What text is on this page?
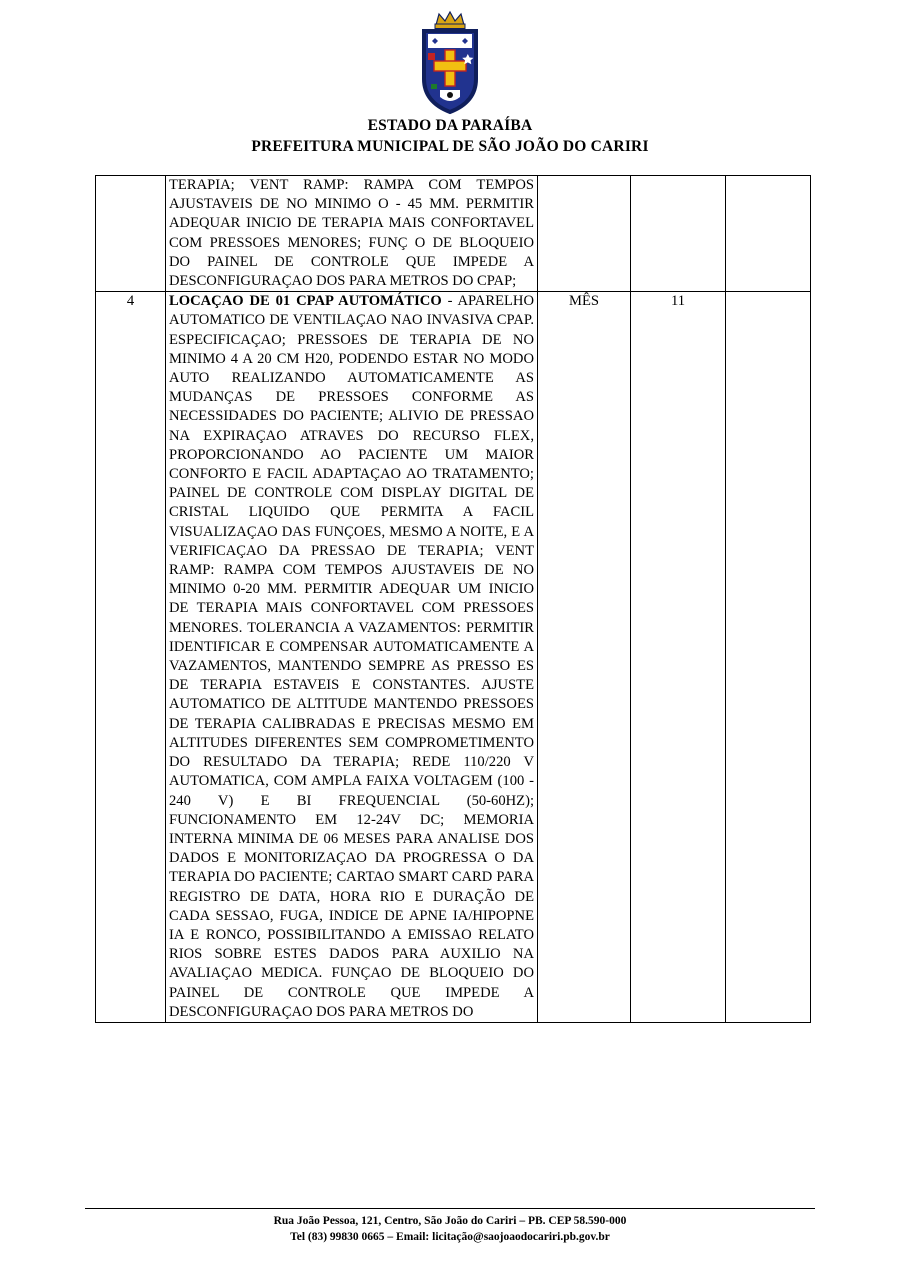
ESTADO DA PARAÍBA
PREFEITURA MUNICIPAL DE SÃO JOÃO DO CARIRI
	TERAPIA; VENT RAMP: RAMPA COM TEMPOS AJUSTAVEIS DE NO MINIMO O - 45 MM. PERMITIR ADEQUAR INICIO DE TERAPIA MAIS CONFORTAVEL COM PRESSOES MENORES; FUNÇ O DE BLOQUEIO DO PAINEL DE CONTROLE QUE IMPEDE A DESCONFIGURAÇAO DOS PARA METROS DO CPAP;			
4	LOCAÇAO DE 01 CPAP AUTOMÁTICO - APARELHO AUTOMATICO DE VENTILAÇAO NAO INVASIVA CPAP. ESPECIFICAÇAO; PRESSOES DE TERAPIA DE NO MINIMO 4 A 20 CM H20, PODENDO ESTAR NO MODO AUTO REALIZANDO AUTOMATICAMENTE AS MUDANÇAS DE PRESSOES CONFORME AS NECESSIDADES DO PACIENTE; ALIVIO DE PRESSAO NA EXPIRAÇAO ATRAVES DO RECURSO FLEX, PROPORCIONANDO AO PACIENTE UM MAIOR CONFORTO E FACIL ADAPTAÇAO AO TRATAMENTO; PAINEL DE CONTROLE COM DISPLAY DIGITAL DE CRISTAL LIQUIDO QUE PERMITA A FACIL VISUALIZAÇAO DAS FUNÇOES, MESMO A NOITE, E A VERIFICAÇAO DA PRESSAO DE TERAPIA; VENT RAMP: RAMPA COM TEMPOS AJUSTAVEIS DE NO MINIMO 0-20 MM. PERMITIR ADEQUAR UM INICIO DE TERAPIA MAIS CONFORTAVEL COM PRESSOES MENORES. TOLERANCIA A VAZAMENTOS: PERMITIR IDENTIFICAR E COMPENSAR AUTOMATICAMENTE A VAZAMENTOS, MANTENDO SEMPRE AS PRESSO ES DE TERAPIA ESTAVEIS E CONSTANTES. AJUSTE AUTOMATICO DE ALTITUDE MANTENDO PRESSOES DE TERAPIA CALIBRADAS E PRECISAS MESMO EM ALTITUDES DIFERENTES SEM COMPROMETIMENTO DO RESULTADO DA TERAPIA; REDE 110/220 V AUTOMATICA, COM AMPLA FAIXA VOLTAGEM (100 - 240 V) E BI FREQUENCIAL (50-60HZ); FUNCIONAMENTO EM 12-24V DC; MEMORIA INTERNA MINIMA DE 06 MESES PARA ANALISE DOS DADOS E MONITORIZAÇAO DA PROGRESSA O DA TERAPIA DO PACIENTE; CARTAO SMART CARD PARA REGISTRO DE DATA, HORA RIO E DURAÇÃO DE CADA SESSAO, FUGA, INDICE DE APNE IA/HIPOPNE IA E RONCO, POSSIBILITANDO A EMISSAO RELATO RIOS SOBRE ESTES DADOS PARA AUXILIO NA AVALIAÇAO MEDICA. FUNÇAO DE BLOQUEIO DO PAINEL DE CONTROLE QUE IMPEDE A DESCONFIGURAÇAO DOS PARA METROS DO	MÊS	11	
Rua João Pessoa, 121, Centro, São João do Cariri – PB. CEP 58.590-000
Tel (83) 99830 0665 – Email: licitação@saojoaodocariri.pb.gov.br
